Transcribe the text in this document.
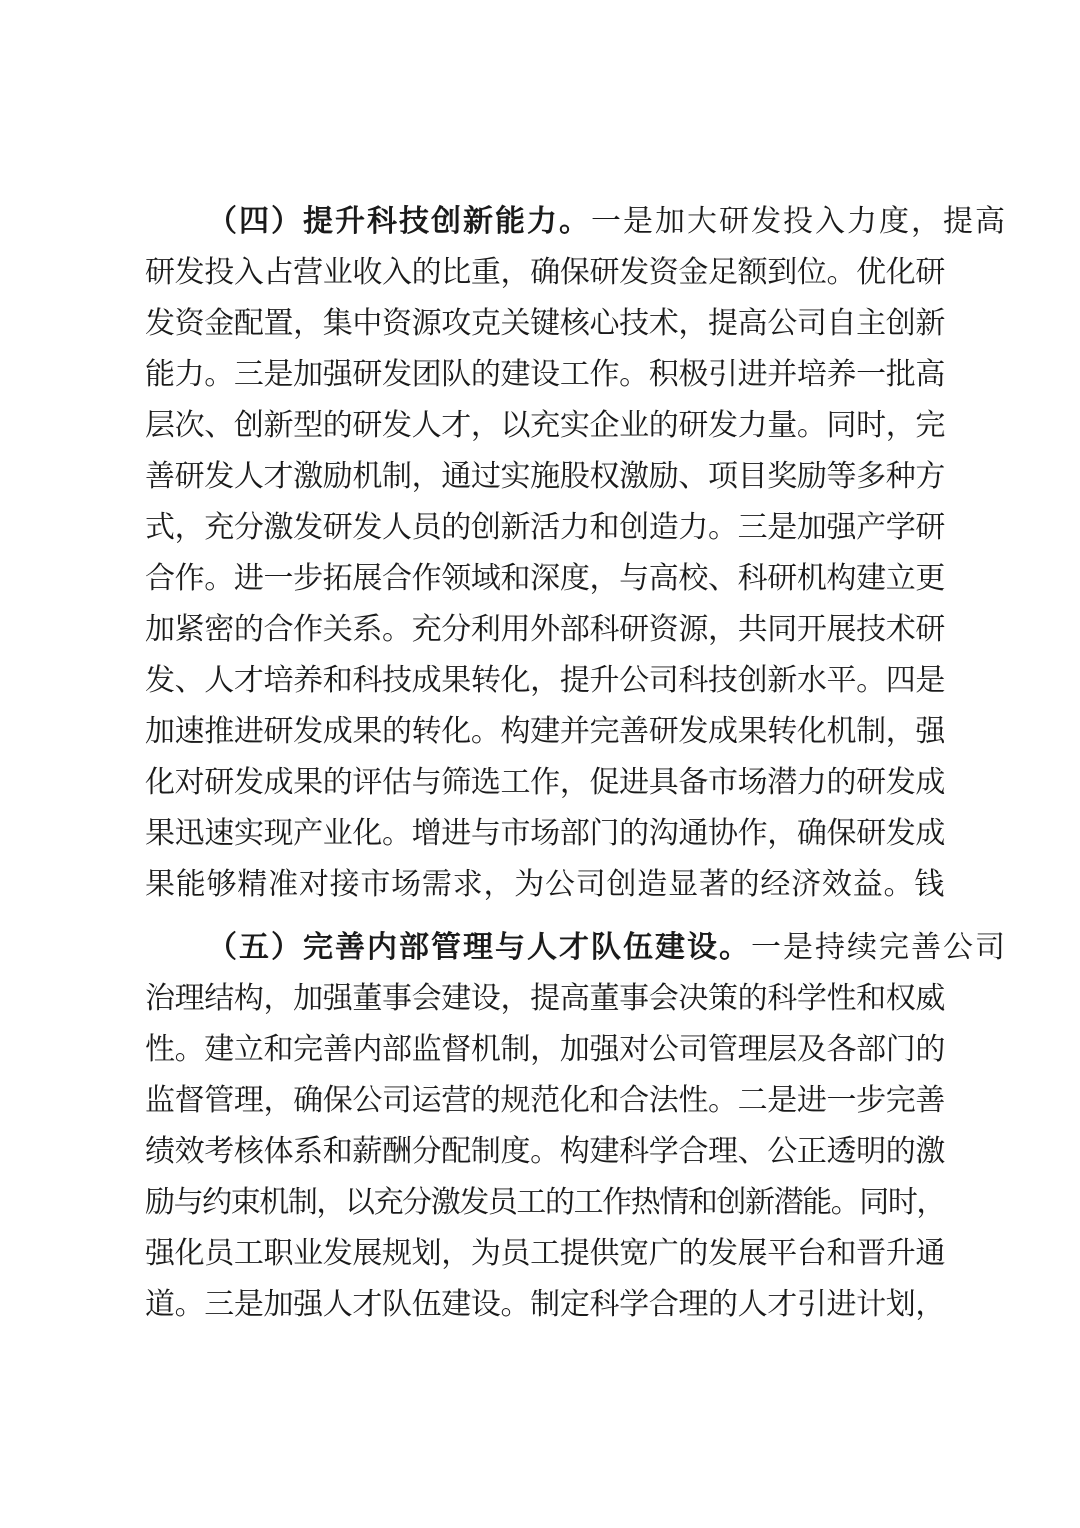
（四）提升科技创新能力。一是加大研发投入力度，提高
研发投入占营业收入的比重，确保研发资金足额到位。优化研
发资金配置，集中资源攻克关键核心技术，提高公司自主创新
能力。三是加强研发团队的建设工作。积极引进并培养一批高
层次、创新型的研发人才，以充实企业的研发力量。同时，完
善研发人才激励机制，通过实施股权激励、项目奖励等多种方
式，充分激发研发人员的创新活力和创造力。三是加强产学研
合作。进一步拓展合作领域和深度，与高校、科研机构建立更
加紧密的合作关系。充分利用外部科研资源，共同开展技术研
发、人才培养和科技成果转化，提升公司科技创新水平。四是
加速推进研发成果的转化。构建并完善研发成果转化机制，强
化对研发成果的评估与筛选工作，促进具备市场潜力的研发成
果迅速实现产业化。增进与市场部门的沟通协作，确保研发成
果能够精准对接市场需求，为公司创造显著的经济效益。钱
（五）完善内部管理与人才队伍建设。一是持续完善公司
治理结构，加强董事会建设，提高董事会决策的科学性和权威
性。建立和完善内部监督机制，加强对公司管理层及各部门的
监督管理，确保公司运营的规范化和合法性。二是进一步完善
绩效考核体系和薪酬分配制度。构建科学合理、公正透明的激
励与约束机制，以充分激发员工的工作热情和创新潜能。同时，
强化员工职业发展规划，为员工提供宽广的发展平台和晋升通
道。三是加强人才队伍建设。制定科学合理的人才引进计划，
